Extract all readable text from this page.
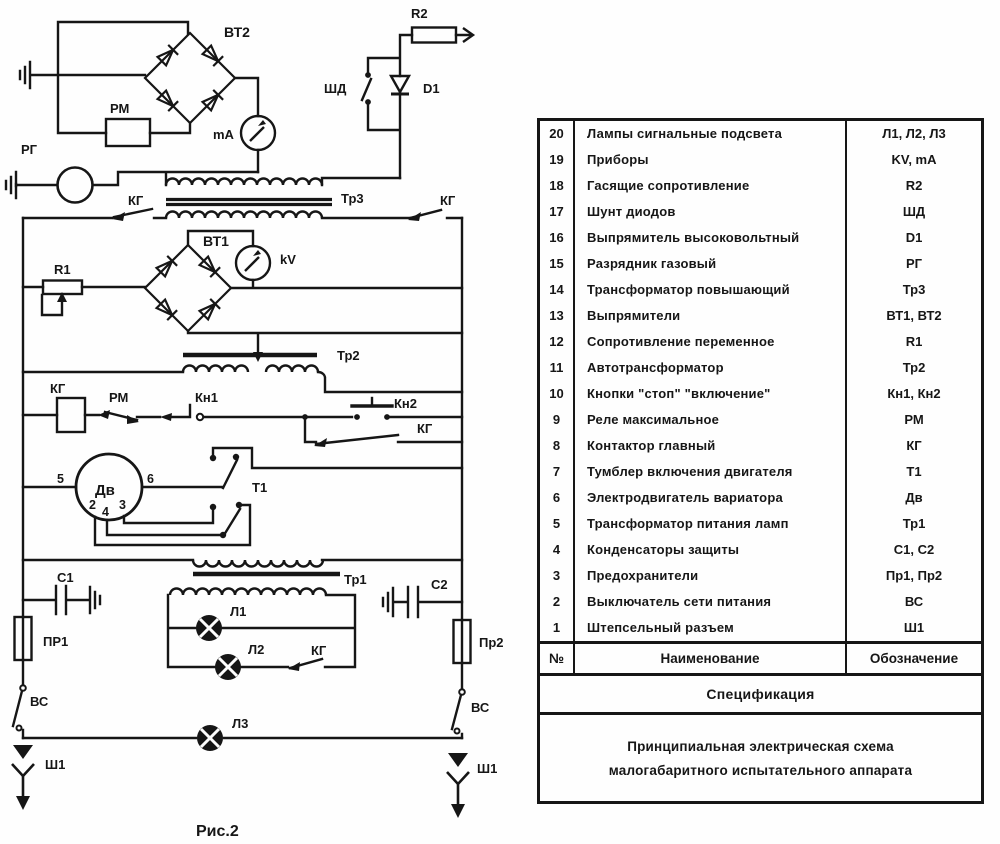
ВТ2
R2
ШД	D1
РМ
mA
РГ
Тр3
КГ	КГ
ВТ1
kV
R1
Тр2
КГ
РМ	Кн1	Кн2
КГ
5
Дв
6
2 4 3
Т1
Тр1
С1	С2
Л1
Л2	КГ
ПР1	Пр2
ВС	ВС
Л3
Ш1	Ш1
Рис.2
20	Лампы сигнальные подсвета	Л1, Л2, Л3
19	Приборы	KV, mA
18	Гасящие сопротивление	R2
17	Шунт диодов	ШД
16	Выпрямитель высоковольтный	D1
15	Разрядник газовый	РГ
14	Трансформатор повышающий	Тр3
13	Выпрямители	ВТ1, ВТ2
12	Сопротивление переменное	R1
11	Автотрансформатор	Тр2
10	Кнопки "стоп" "включение"	Кн1, Кн2
9	Реле максимальное	РМ
8	Контактор главный	КГ
7	Тумблер включения двигателя	Т1
6	Электродвигатель вариатора	Дв
5	Трансформатор питания ламп	Тр1
4	Конденсаторы защиты	С1, С2
3	Предохранители	Пр1, Пр2
2	Выключатель сети питания	ВС
1	Штепсельный разъем	Ш1
№	Наименование	Обозначение
Спецификация
Принципиальная электрическая схема
малогабаритного испытательного аппарата
